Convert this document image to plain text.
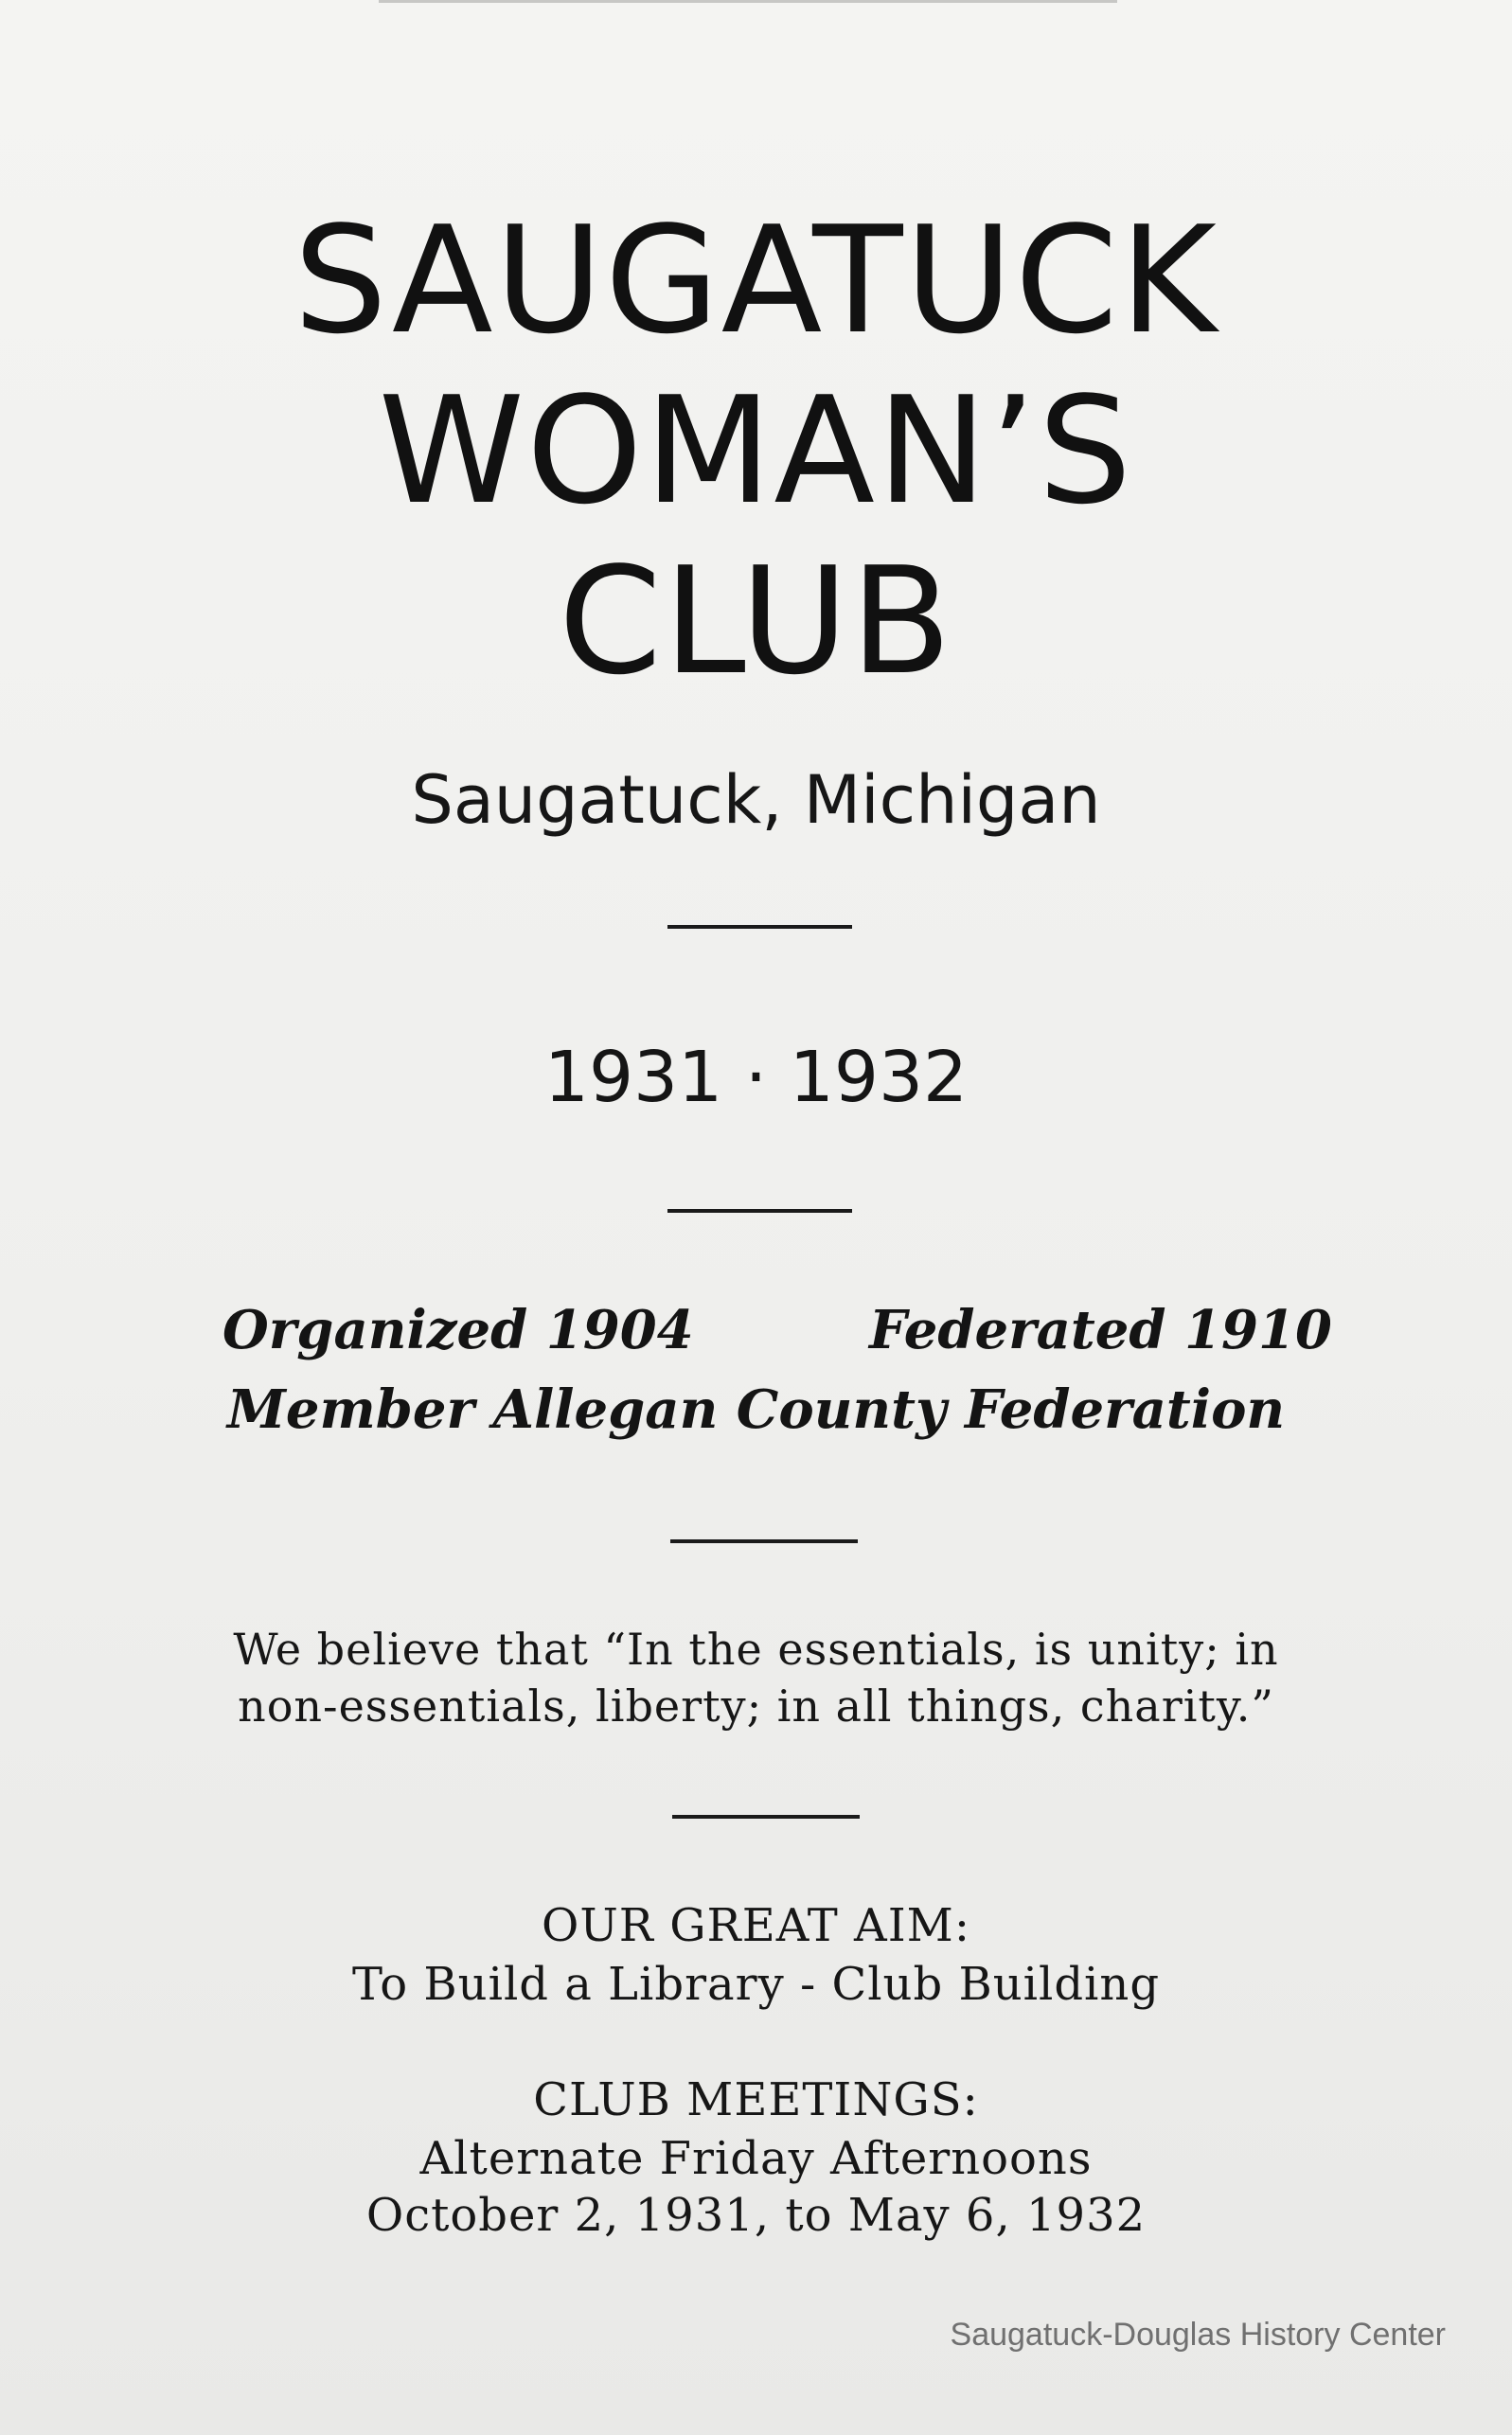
SAUGATUCK
WOMAN’S
CLUB
Saugatuck, Michigan
1931 · 1932
Organized 1904	Federated 1910
Member Allegan County Federation
We believe that “In the essentials, is unity; in
non-essentials, liberty; in all things, charity.”
OUR GREAT AIM:
To Build a Library - Club Building
CLUB MEETINGS:
Alternate Friday Afternoons
October 2, 1931, to May 6, 1932
Saugatuck-Douglas History Center
